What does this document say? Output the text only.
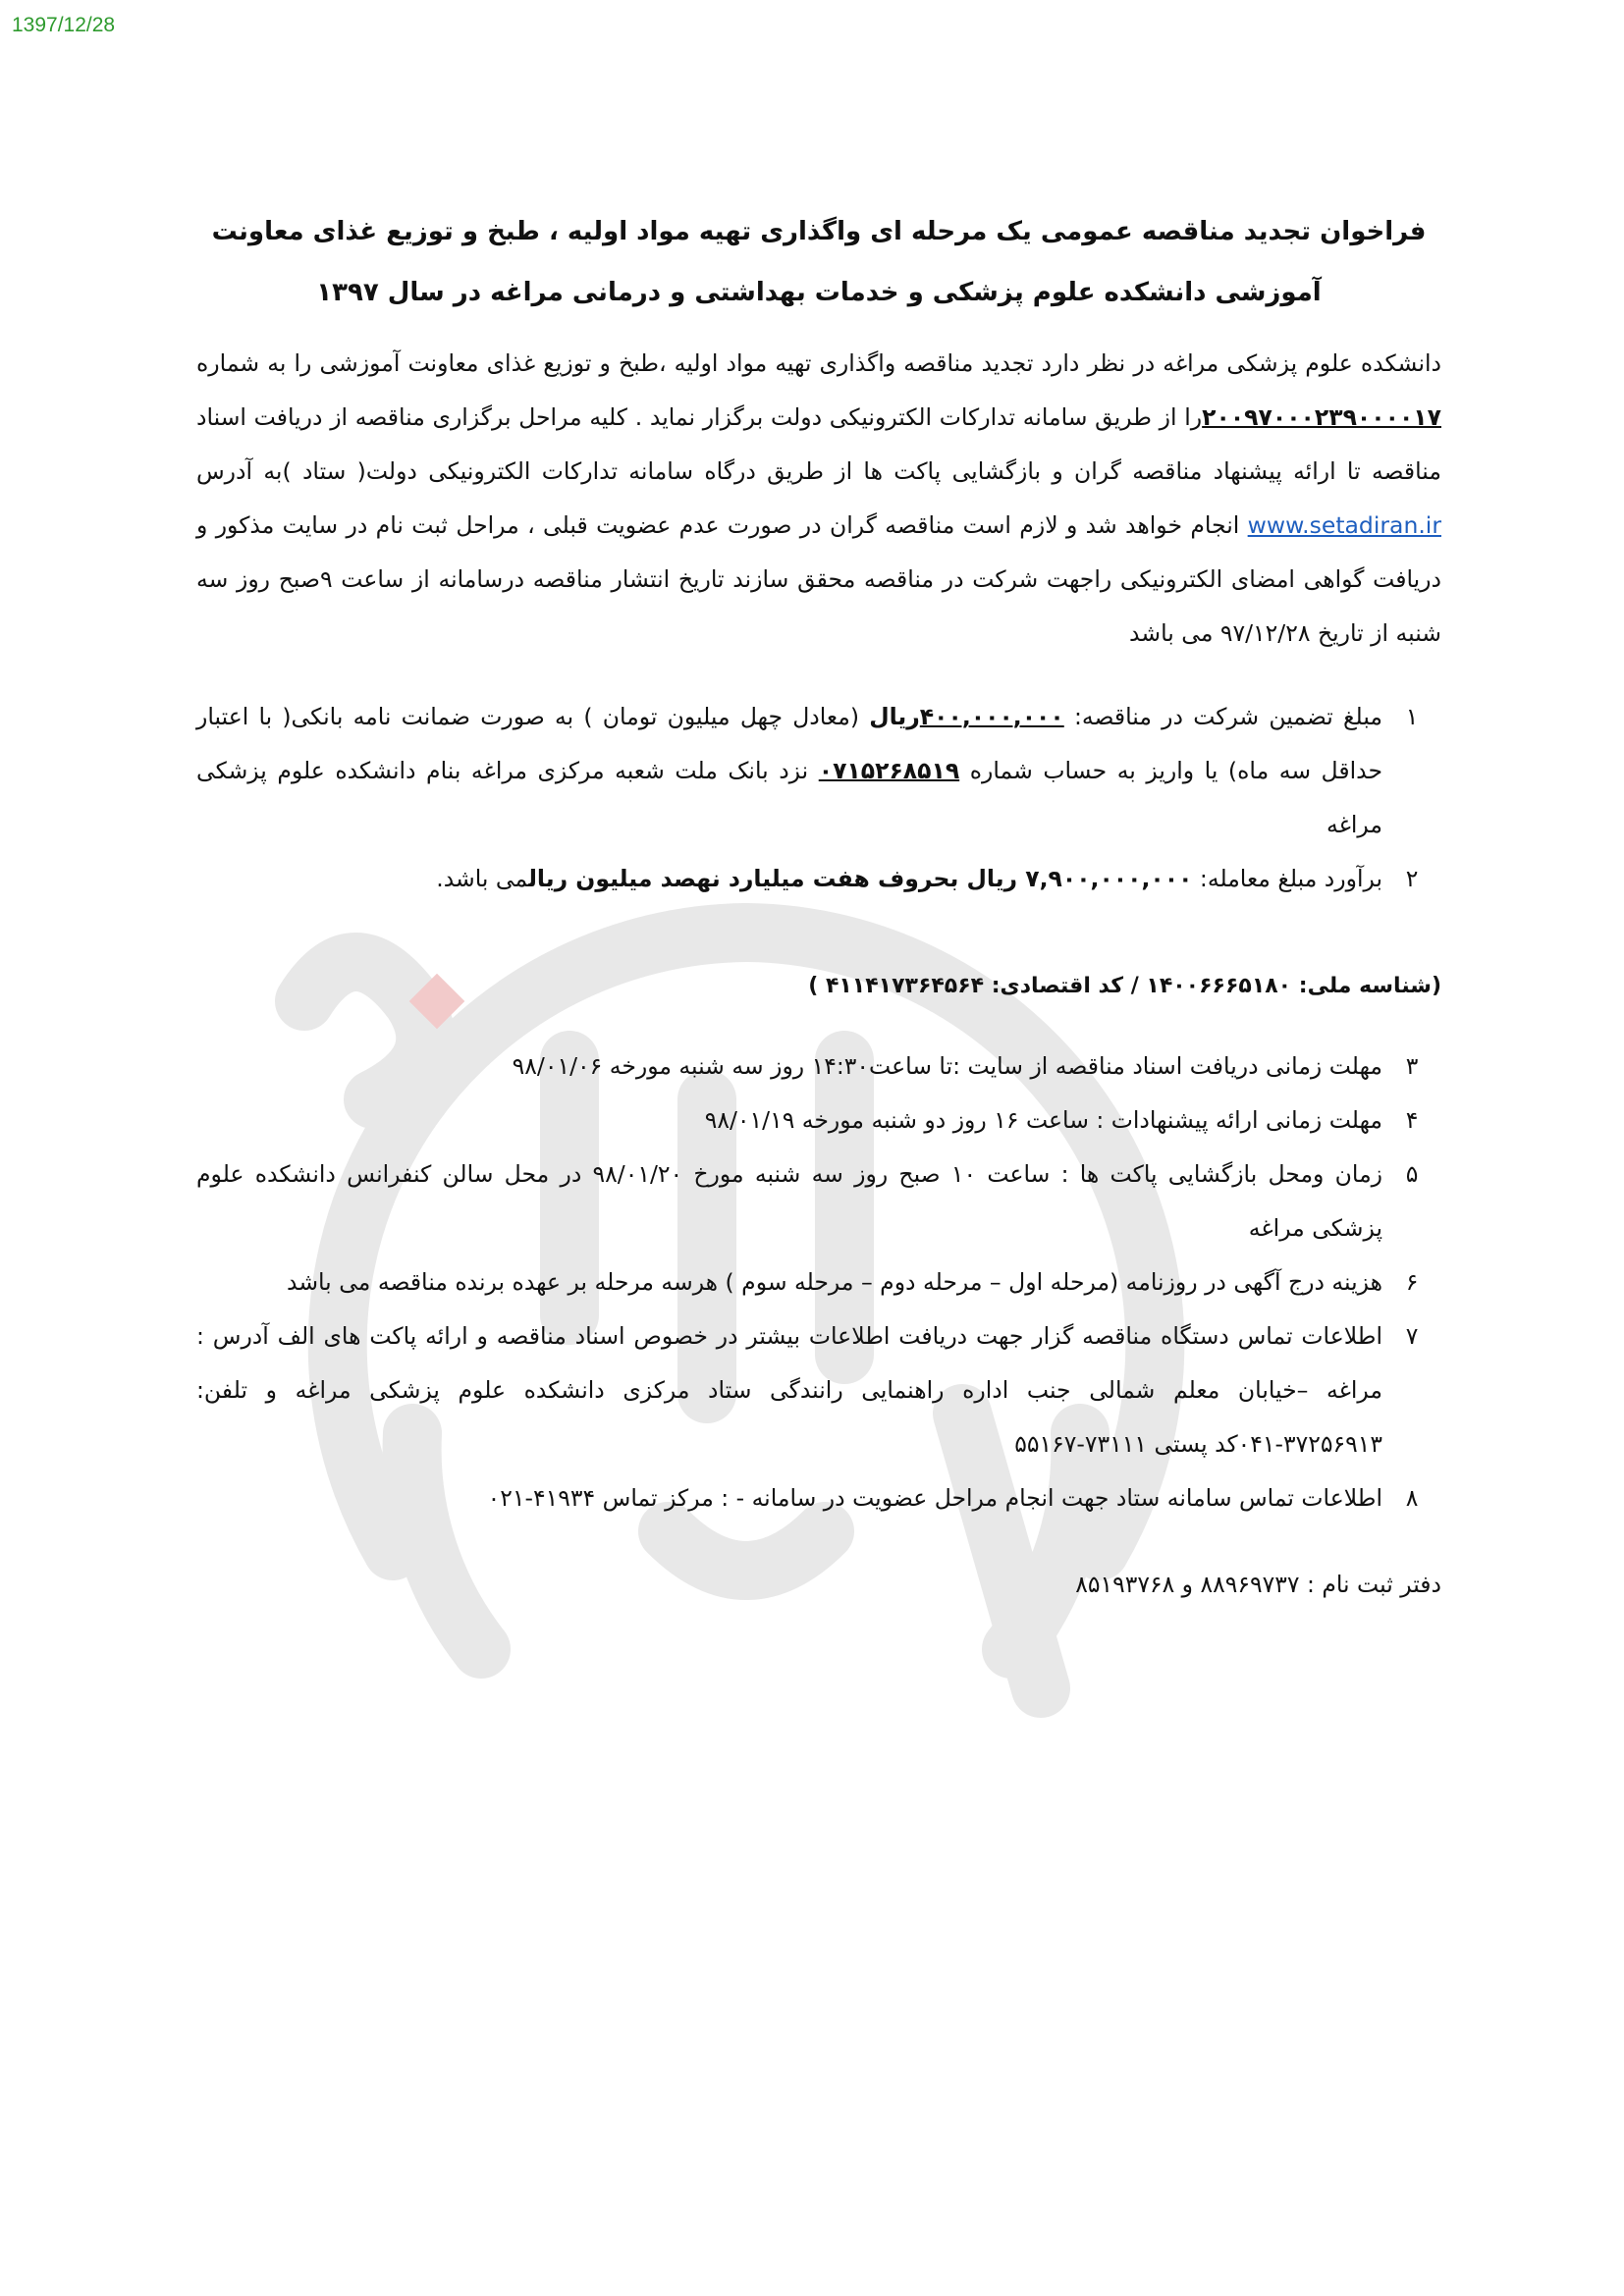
1397/12/28

فراخوان تجدید مناقصه عمومی یک مرحله ای واگذاری تهیه مواد اولیه ، طبخ و توزیع غذای معاونت
آموزشی دانشکده علوم پزشکی و خدمات بهداشتی و درمانی مراغه در سال ۱۳۹۷

دانشکده علوم پزشکی مراغه در نظر دارد تجدید مناقصه واگذاری تهیه مواد اولیه ،طبخ و توزیع غذای معاونت آموزشی را به شماره ۲۰۰۹۷۰۰۰۲۳۹۰۰۰۰۱۷را از طریق سامانه تدارکات الکترونیکی دولت برگزار نماید . کلیه مراحل برگزاری مناقصه از دریافت اسناد مناقصه تا ارائه پیشنهاد مناقصه گران و بازگشایی پاکت ها از طریق درگاه سامانه تدارکات الکترونیکی دولت( ستاد )به آدرس www.setadiran.ir انجام خواهد شد و لازم است مناقصه گران در صورت عدم عضویت قبلی ، مراحل ثبت نام در سایت مذکور و دریافت گواهی امضای الکترونیکی راجهت شرکت در مناقصه محقق سازند تاریخ انتشار مناقصه درسامانه از ساعت ۹صبح روز سه شنبه از تاریخ ۹۷/۱۲/۲۸ می باشد

۱
مبلغ تضمین شرکت در مناقصه: ۴۰۰,۰۰۰,۰۰۰ریال (معادل چهل میلیون تومان ) به صورت ضمانت نامه بانکی( با اعتبار حداقل سه ماه) یا واریز به حساب شماره ۰۷۱۵۲۶۸۵۱۹ نزد بانک ملت شعبه مرکزی مراغه بنام دانشکده علوم پزشکی مراغه
۲
برآورد مبلغ معامله: ۷,۹۰۰,۰۰۰,۰۰۰ ریال بحروف هفت میلیارد نهصد میلیون ریالمی باشد.
(شناسه ملی: ۱۴۰۰۶۶۶۵۱۸۰ / کد اقتصادی: ۴۱۱۴۱۷۳۶۴۵۶۴ )
۳
مهلت زمانی دریافت اسناد مناقصه از سایت :تا ساعت۱۴:۳۰ روز سه شنبه مورخه ۹۸/۰۱/۰۶
۴
مهلت زمانی ارائه پیشنهادات : ساعت ۱۶ روز دو شنبه مورخه ۹۸/۰۱/۱۹
۵
زمان ومحل بازگشایی پاکت ها : ساعت ۱۰ صبح روز سه شنبه مورخ ۹۸/۰۱/۲۰ در محل سالن کنفرانس دانشکده علوم پزشکی مراغه
۶
هزینه درج آگهی در روزنامه (مرحله اول – مرحله دوم – مرحله سوم ) هرسه مرحله بر عهده برنده مناقصه می باشد
۷
اطلاعات تماس دستگاه مناقصه گزار جهت دریافت اطلاعات بیشتر در خصوص اسناد مناقصه و ارائه پاکت های الف آدرس : مراغه –خیابان معلم شمالی جنب اداره راهنمایی رانندگی ستاد مرکزی دانشکده علوم پزشکی مراغه و تلفن: ۳۷۲۵۶۹۱۳-۰۴۱کد پستی ۷۳۱۱۱-۵۵۱۶۷
۸
اطلاعات تماس سامانه ستاد جهت انجام مراحل عضویت در سامانه - : مرکز تماس ۴۱۹۳۴-۰۲۱
دفتر ثبت نام : ۸۸۹۶۹۷۳۷ و ۸۵۱۹۳۷۶۸
